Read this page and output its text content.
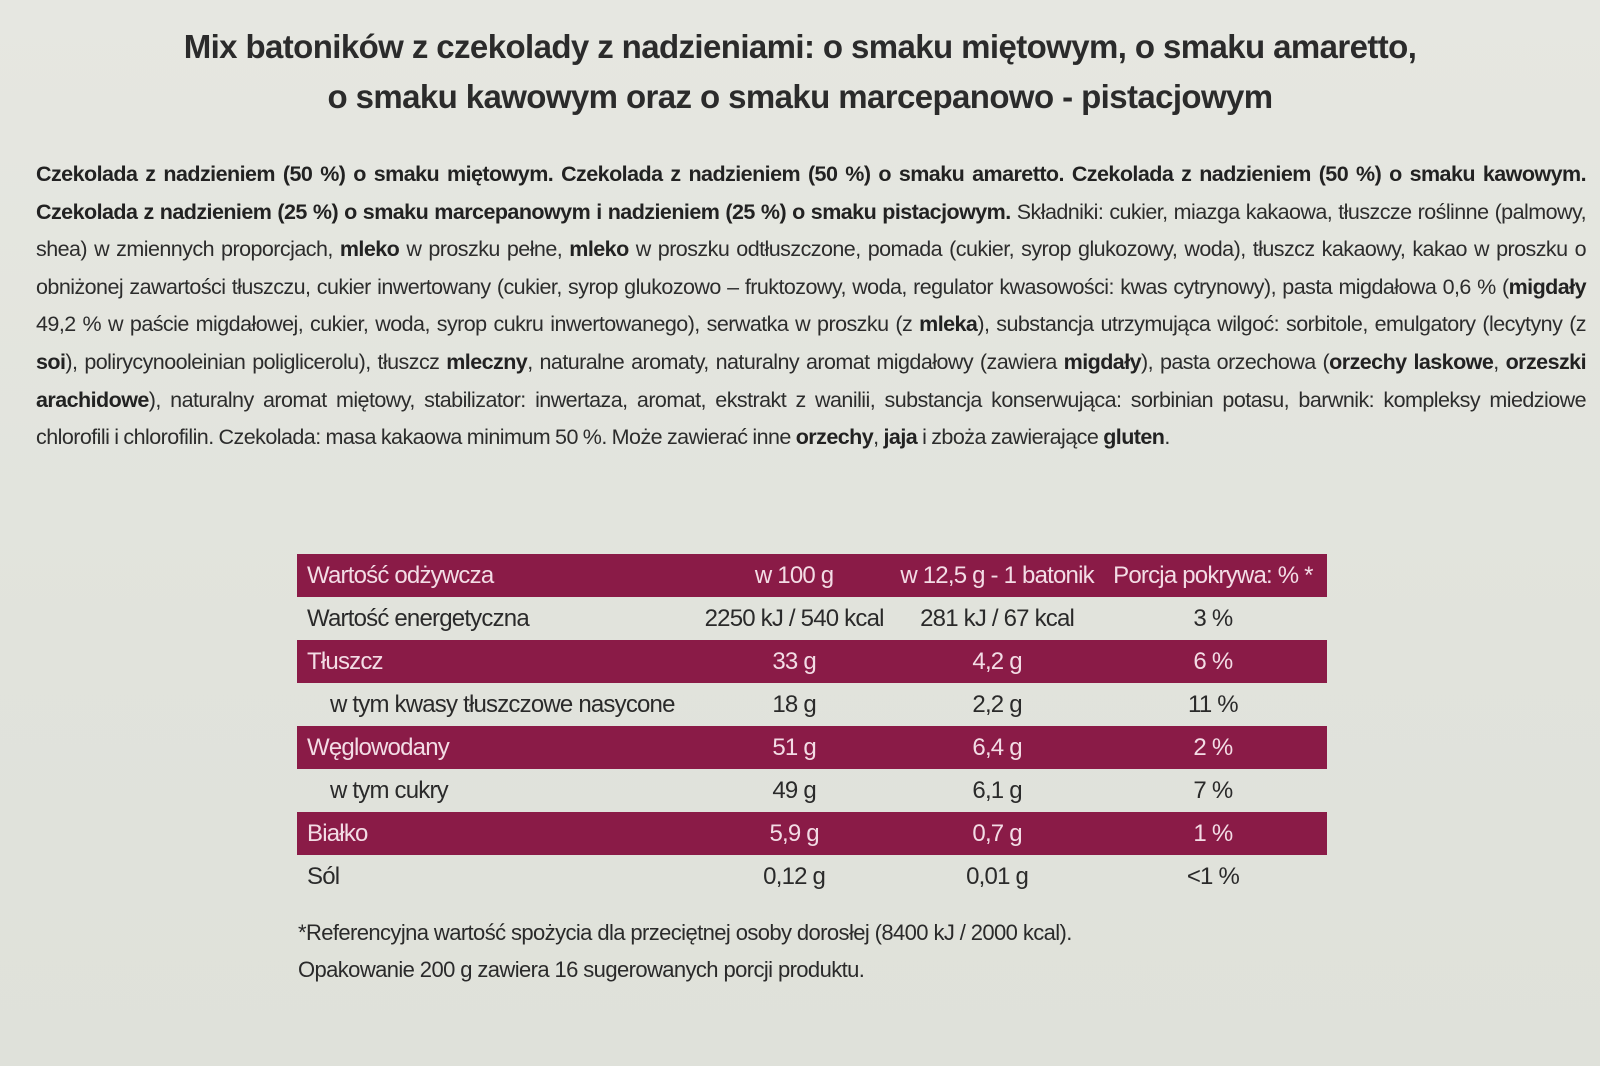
Mix batoników z czekolady z nadzieniami: o smaku miętowym, o smaku amaretto,
o smaku kawowym oraz o smaku marcepanowo - pistacjowym
Czekolada z nadzieniem (50 %) o smaku miętowym. Czekolada z nadzieniem (50 %) o smaku amaretto. Czekolada z nadzieniem (50 %) o smaku kawowym. Czekolada z nadzieniem (25 %) o smaku marcepanowym i nadzieniem (25 %) o smaku pistacjowym. Składniki: cukier, miazga kakaowa, tłuszcze roślinne (palmowy, shea) w zmiennych proporcjach, mleko w proszku pełne, mleko w proszku odtłuszczone, pomada (cukier, syrop glukozowy, woda), tłuszcz kakaowy, kakao w proszku o obniżonej zawartości tłuszczu, cukier inwertowany (cukier, syrop glukozowo – fruktozowy, woda, regulator kwasowości: kwas cytrynowy), pasta migdałowa 0,6 % (migdały 49,2 % w paście migdałowej, cukier, woda, syrop cukru inwertowanego), serwatka w proszku (z mleka), substancja utrzymująca wilgoć: sorbitole, emulgatory (lecytyny (z soi), polirycynooleinian poliglicerolu), tłuszcz mleczny, naturalne aromaty, naturalny aromat migdałowy (zawiera migdały), pasta orzechowa (orzechy laskowe, orzeszki arachidowe), naturalny aromat miętowy, stabilizator: inwertaza, aromat, ekstrakt z wanilii, substancja konserwująca: sorbinian potasu, barwnik: kompleksy miedziowe chlorofili i chlorofilin. Czekolada: masa kakaowa minimum 50 %. Może zawierać inne orzechy, jaja i zboża zawierające gluten.
Wartość odżywcza	w 100 g	w 12,5 g - 1 batonik	Porcja pokrywa: % *
Wartość energetyczna	2250 kJ / 540 kcal	281 kJ / 67 kcal	3 %
Tłuszcz	33 g	4,2 g	6 %
w tym kwasy tłuszczowe nasycone	18 g	2,2 g	11 %
Węglowodany	51 g	6,4 g	2 %
w tym cukry	49 g	6,1 g	7 %
Białko	5,9 g	0,7 g	1 %
Sól	0,12 g	0,01 g	<1 %
*Referencyjna wartość spożycia dla przeciętnej osoby dorosłej (8400 kJ / 2000 kcal).
Opakowanie 200 g zawiera 16 sugerowanych porcji produktu.
